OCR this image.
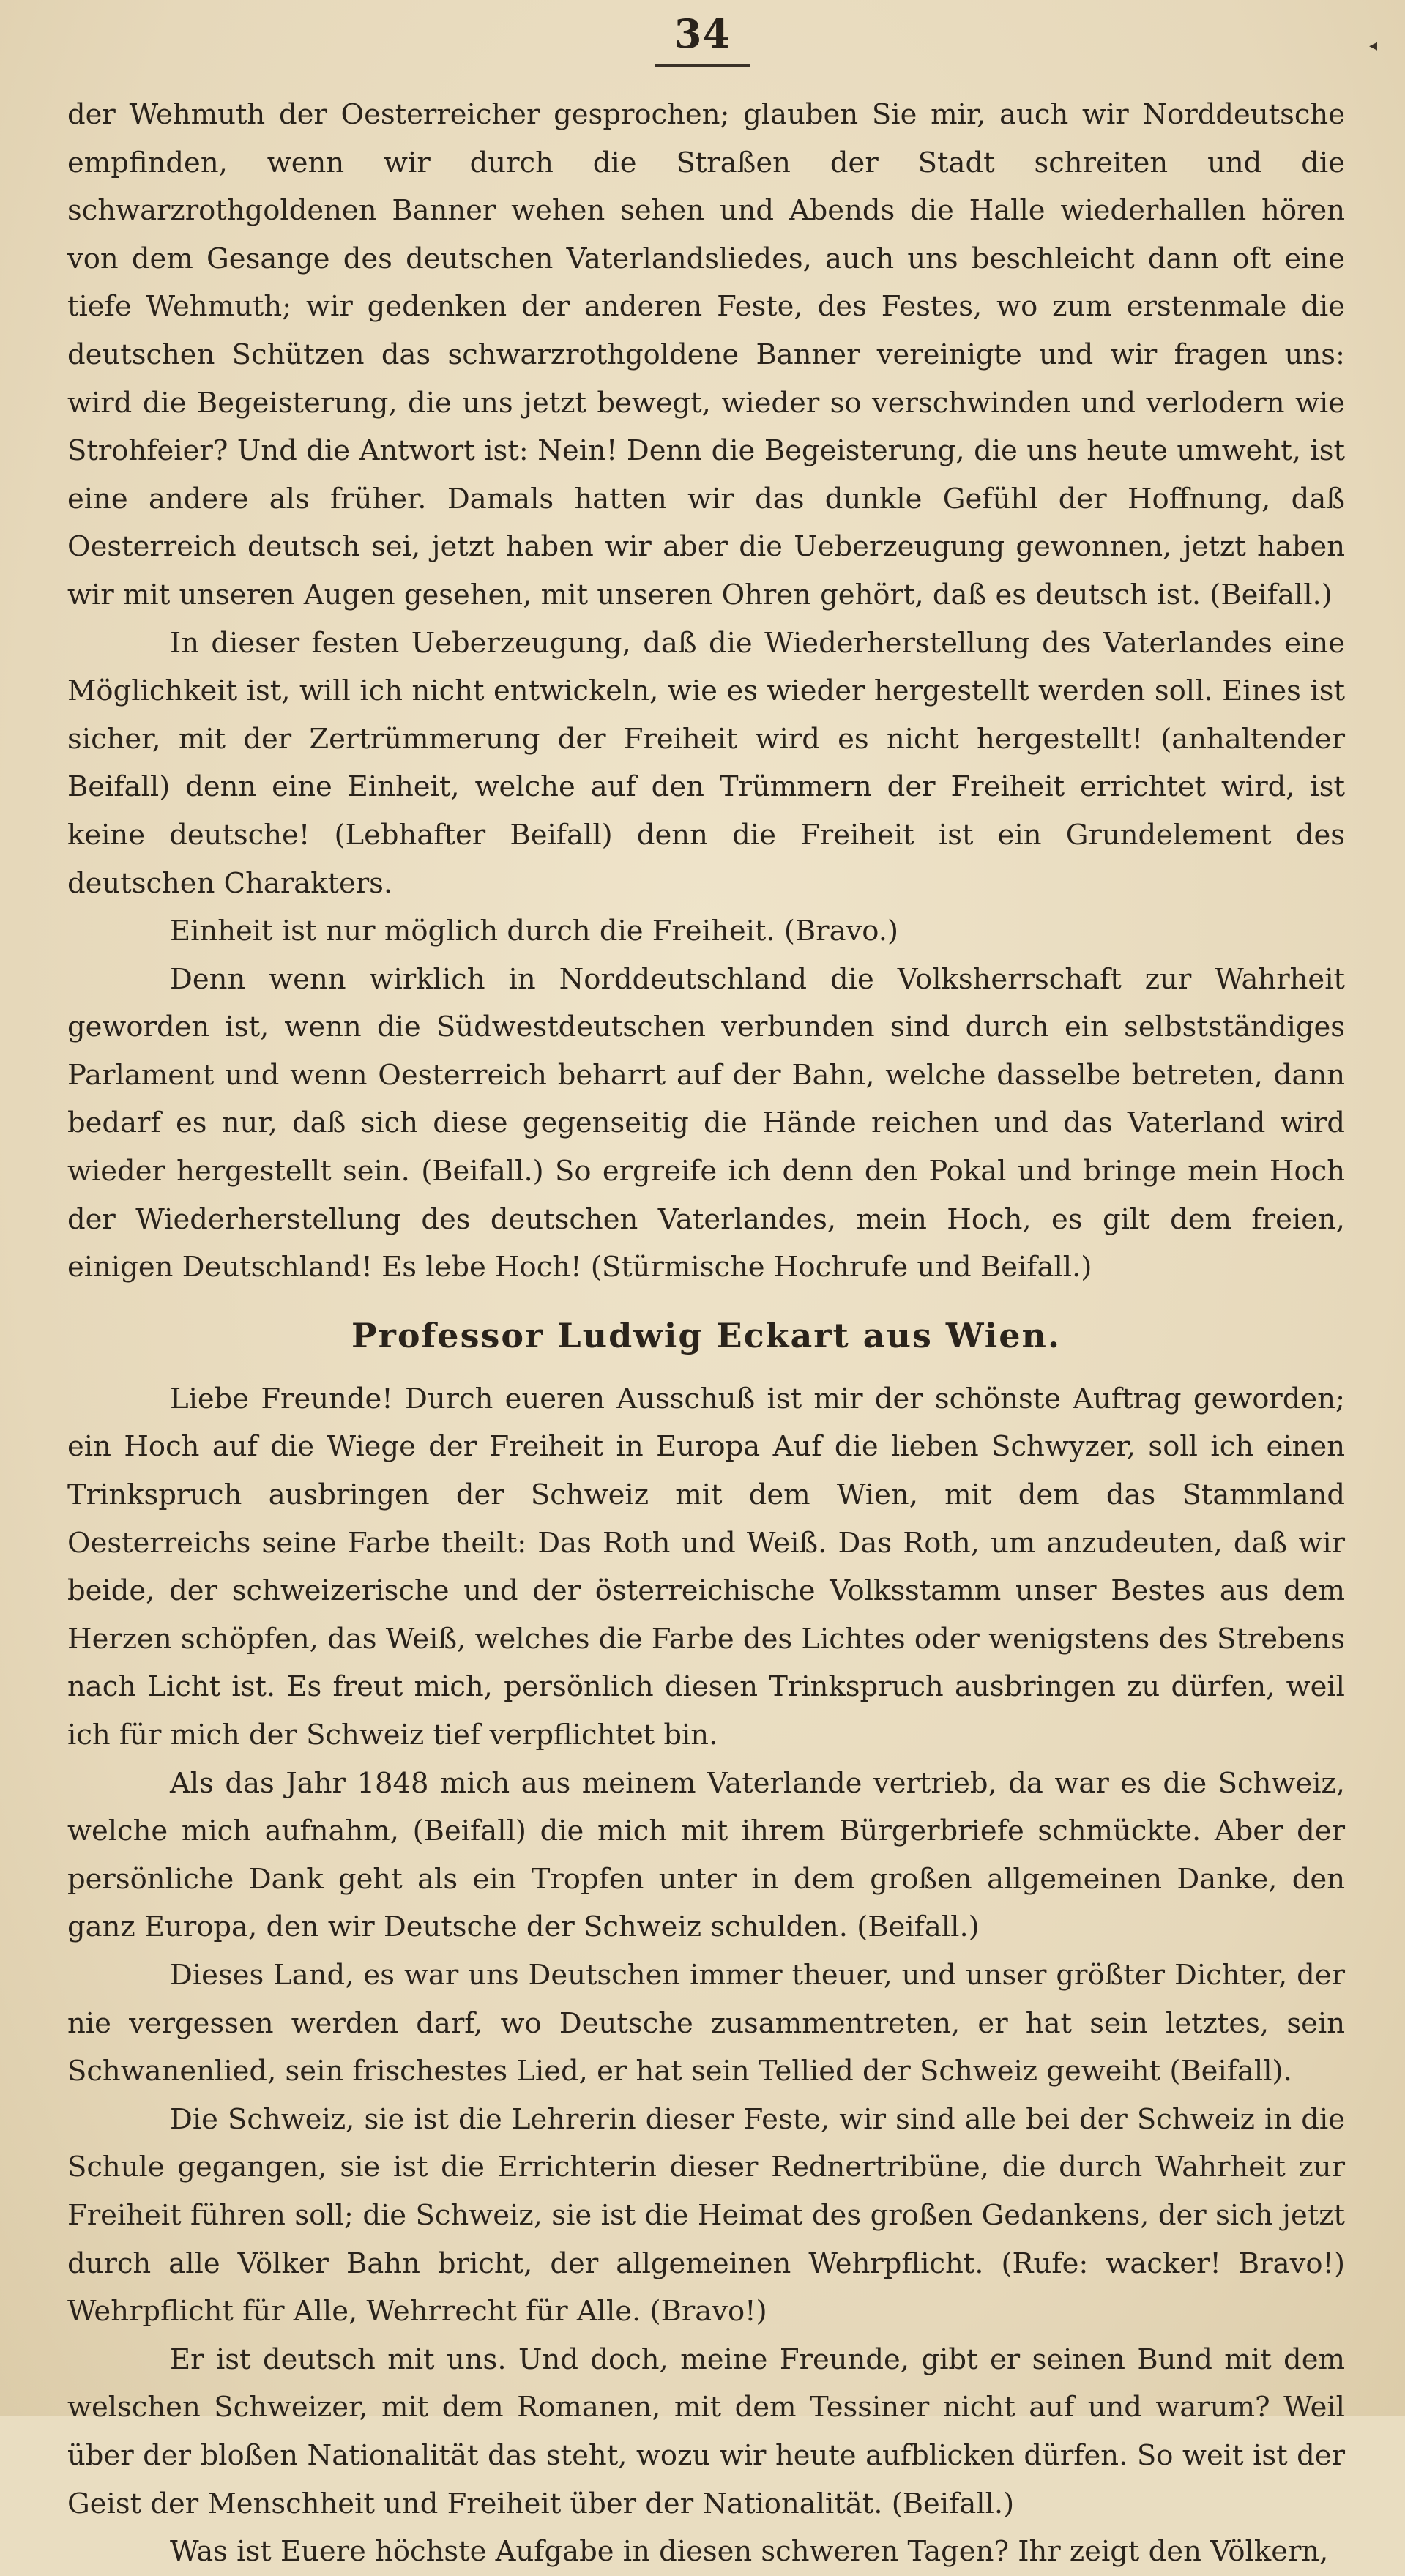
34	◂

der Wehmuth der Oesterreicher gesprochen; glauben Sie mir, auch wir Norddeutsche empfinden, wenn wir durch die Straßen der Stadt schreiten und die schwarzrothgoldenen Banner wehen sehen und Abends die Halle wiederhallen hören von dem Gesange des deutschen Vaterlandsliedes, auch uns beschleicht dann oft eine tiefe Wehmuth; wir gedenken der anderen Feste, des Festes, wo zum erstenmale die deutschen Schützen das schwarzrothgoldene Banner vereinigte und wir fragen uns: wird die Begeisterung, die uns jetzt bewegt, wieder so verschwinden und verlodern wie Strohfeier? Und die Antwort ist: Nein! Denn die Begeisterung, die uns heute umweht, ist eine andere als früher. Damals hatten wir das dunkle Gefühl der Hoffnung, daß Oesterreich deutsch sei, jetzt haben wir aber die Ueberzeugung gewonnen, jetzt haben wir mit unseren Augen gesehen, mit unseren Ohren gehört, daß es deutsch ist. (Beifall.)

In dieser festen Ueberzeugung, daß die Wiederherstellung des Vaterlandes eine Möglichkeit ist, will ich nicht entwickeln, wie es wieder hergestellt werden soll. Eines ist sicher, mit der Zertrümmerung der Freiheit wird es nicht hergestellt! (anhaltender Beifall) denn eine Einheit, welche auf den Trümmern der Freiheit errichtet wird, ist keine deutsche! (Lebhafter Beifall) denn die Freiheit ist ein Grundelement des deutschen Charakters.

Einheit ist nur möglich durch die Freiheit. (Bravo.)

Denn wenn wirklich in Norddeutschland die Volksherrschaft zur Wahrheit geworden ist, wenn die Südwestdeutschen verbunden sind durch ein selbstständiges Parlament und wenn Oesterreich beharrt auf der Bahn, welche dasselbe betreten, dann bedarf es nur, daß sich diese gegenseitig die Hände reichen und das Vaterland wird wieder hergestellt sein. (Beifall.) So ergreife ich denn den Pokal und bringe mein Hoch der Wiederherstellung des deutschen Vaterlandes, mein Hoch, es gilt dem freien, einigen Deutschland! Es lebe Hoch! (Stürmische Hochrufe und Beifall.)

Professor Ludwig Eckart aus Wien.

Liebe Freunde! Durch eueren Ausschuß ist mir der schönste Auftrag geworden; ein Hoch auf die Wiege der Freiheit in Europa Auf die lieben Schwyzer, soll ich einen Trinkspruch ausbringen der Schweiz mit dem Wien, mit dem das Stammland Oesterreichs seine Farbe theilt: Das Roth und Weiß. Das Roth, um anzudeuten, daß wir beide, der schweizerische und der österreichische Volksstamm unser Bestes aus dem Herzen schöpfen, das Weiß, welches die Farbe des Lichtes oder wenigstens des Strebens nach Licht ist. Es freut mich, persönlich diesen Trinkspruch ausbringen zu dürfen, weil ich für mich der Schweiz tief verpflichtet bin.

Als das Jahr 1848 mich aus meinem Vaterlande vertrieb, da war es die Schweiz, welche mich aufnahm, (Beifall) die mich mit ihrem Bürgerbriefe schmückte. Aber der persönliche Dank geht als ein Tropfen unter in dem großen allgemeinen Danke, den ganz Europa, den wir Deutsche der Schweiz schulden. (Beifall.)

Dieses Land, es war uns Deutschen immer theuer, und unser größter Dichter, der nie vergessen werden darf, wo Deutsche zusammentreten, er hat sein letztes, sein Schwanenlied, sein frischestes Lied, er hat sein Tellied der Schweiz geweiht (Beifall).

Die Schweiz, sie ist die Lehrerin dieser Feste, wir sind alle bei der Schweiz in die Schule gegangen, sie ist die Errichterin dieser Rednertribüne, die durch Wahrheit zur Freiheit führen soll; die Schweiz, sie ist die Heimat des großen Gedankens, der sich jetzt durch alle Völker Bahn bricht, der allgemeinen Wehrpflicht. (Rufe: wacker! Bravo!) Wehrpflicht für Alle, Wehrrecht für Alle. (Bravo!)

Er ist deutsch mit uns. Und doch, meine Freunde, gibt er seinen Bund mit dem welschen Schweizer, mit dem Romanen, mit dem Tessiner nicht auf und warum? Weil über der bloßen Nationalität das steht, wozu wir heute aufblicken dürfen. So weit ist der Geist der Menschheit und Freiheit über der Nationalität. (Beifall.)

Was ist Euere höchste Aufgabe in diesen schweren Tagen? Ihr zeigt den Völkern,
